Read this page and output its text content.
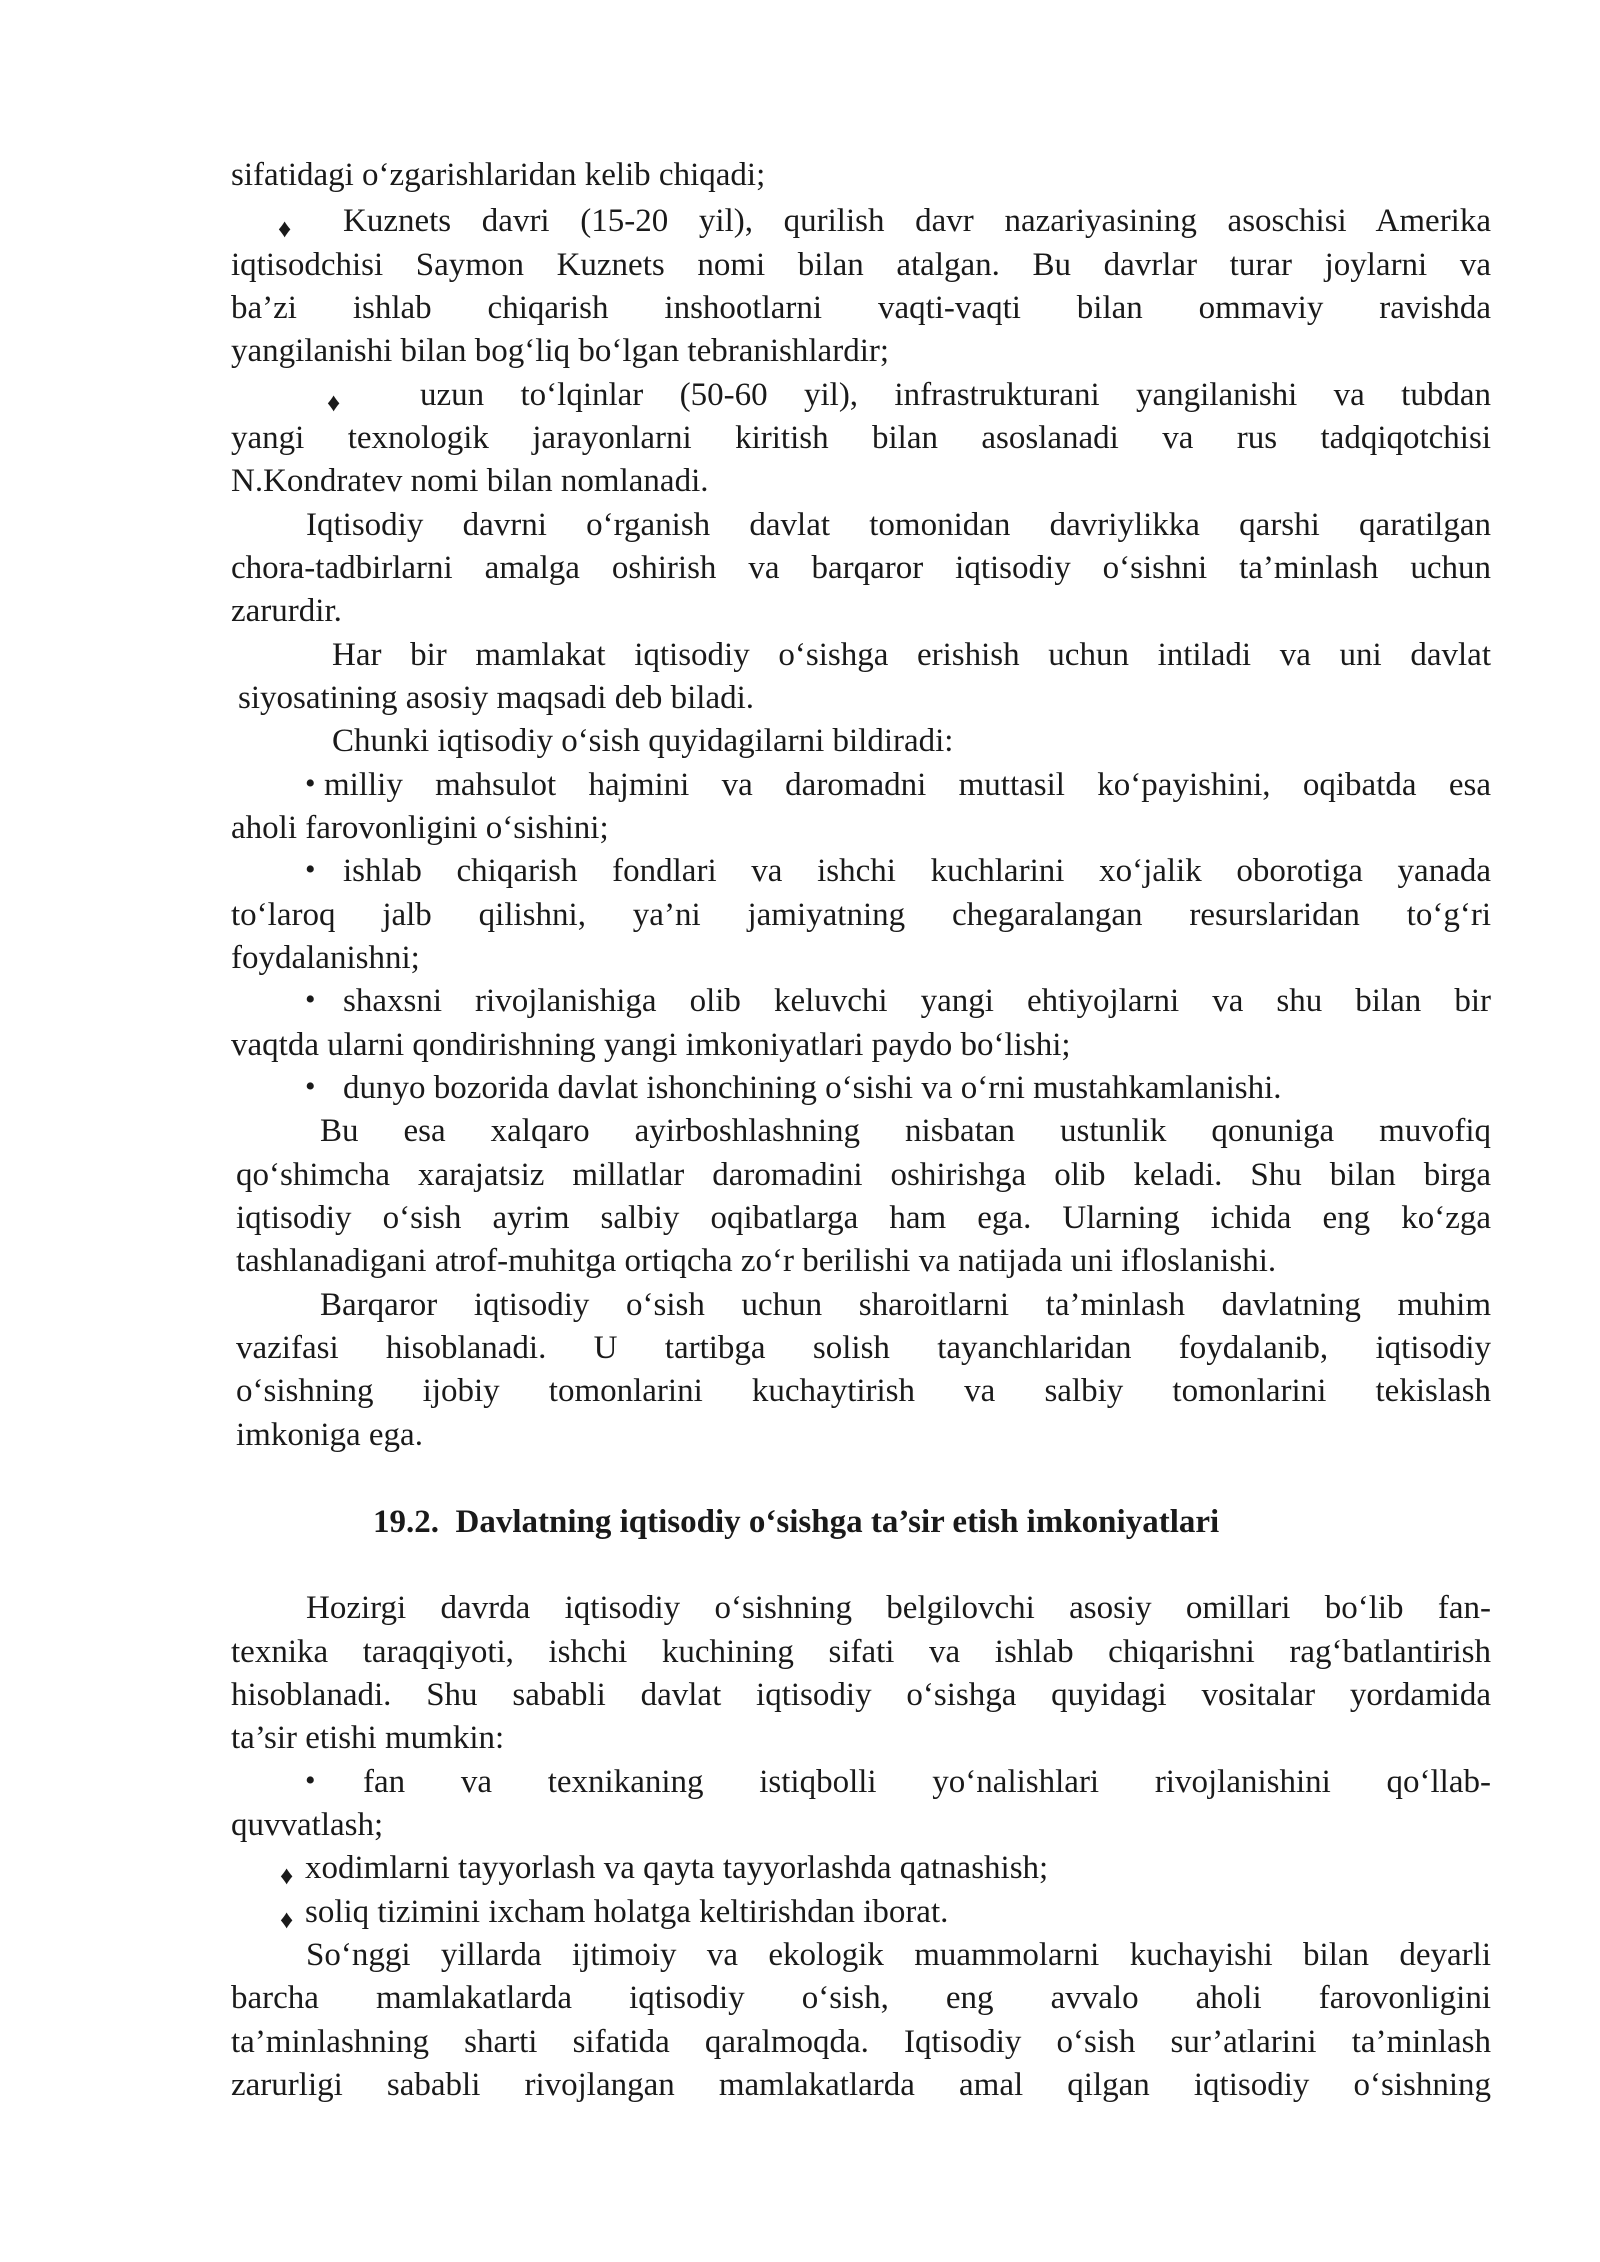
sifatidagi o‘zgarishlaridan kelib chiqadi;
♦ Kuznets davri (15-20 yil), qurilish davr nazariyasining asoschisi Amerika
iqtisodchisi Saymon Kuznets nomi bilan atalgan. Bu davrlar turar joylarni va
ba’zi ishlab chiqarish inshootlarni vaqti-vaqti bilan ommaviy ravishda
yangilanishi bilan bog‘liq bo‘lgan tebranishlardir;
♦ uzun to‘lqinlar (50-60 yil), infrastrukturani yangilanishi va tubdan
yangi texnologik jarayonlarni kiritish bilan asoslanadi va rus tadqiqotchisi
N.Kondratev nomi bilan nomlanadi.
Iqtisodiy davrni o‘rganish davlat tomonidan davriylikka qarshi qaratilgan
chora-tadbirlarni amalga oshirish va barqaror iqtisodiy o‘sishni ta’minlash uchun
zarurdir.
Har bir mamlakat iqtisodiy o‘sishga erishish uchun intiladi va uni davlat
siyosatining asosiy maqsadi deb biladi.
Chunki iqtisodiy o‘sish quyidagilarni bildiradi:
• milliy mahsulot hajmini va daromadni muttasil ko‘payishini, oqibatda esa
aholi farovonligini o‘sishini;
• ishlab chiqarish fondlari va ishchi kuchlarini xo‘jalik oborotiga yanada
to‘laroq jalb qilishni, ya’ni jamiyatning chegaralangan resurslaridan to‘g‘ri
foydalanishni;
• shaxsni rivojlanishiga olib keluvchi yangi ehtiyojlarni va shu bilan bir
vaqtda ularni qondirishning yangi imkoniyatlari paydo bo‘lishi;
• dunyo bozorida davlat ishonchining o‘sishi va o‘rni mustahkamlanishi.
Bu esa xalqaro ayirboshlashning nisbatan ustunlik qonuniga muvofiq
qo‘shimcha xarajatsiz millatlar daromadini oshirishga olib keladi. Shu bilan birga
iqtisodiy o‘sish ayrim salbiy oqibatlarga ham ega. Ularning ichida eng ko‘zga
tashlanadigani atrof-muhitga ortiqcha zo‘r berilishi va natijada uni ifloslanishi.
Barqaror iqtisodiy o‘sish uchun sharoitlarni ta’minlash davlatning muhim
vazifasi hisoblanadi. U tartibga solish tayanchlaridan foydalanib, iqtisodiy
o‘sishning ijobiy tomonlarini kuchaytirish va salbiy tomonlarini tekislash
imkoniga ega.
19.2.  Davlatning iqtisodiy o‘sishga ta’sir etish imkoniyatlari
Hozirgi davrda iqtisodiy o‘sishning belgilovchi asosiy omillari bo‘lib fan-
texnika taraqqiyoti, ishchi kuchining sifati va ishlab chiqarishni rag‘batlantirish
hisoblanadi. Shu sababli davlat iqtisodiy o‘sishga quyidagi vositalar yordamida
ta’sir etishi mumkin:
• fan va texnikaning istiqbolli yo‘nalishlari rivojlanishini qo‘llab-
quvvatlash;
♦ xodimlarni tayyorlash va qayta tayyorlashda qatnashish;
♦ soliq tizimini ixcham holatga keltirishdan iborat.
So‘nggi yillarda ijtimoiy va ekologik muammolarni kuchayishi bilan deyarli
barcha mamlakatlarda iqtisodiy o‘sish, eng avvalo aholi farovonligini
ta’minlashning sharti sifatida qaralmoqda. Iqtisodiy o‘sish sur’atlarini ta’minlash
zarurligi sababli rivojlangan mamlakatlarda amal qilgan iqtisodiy o‘sishning
